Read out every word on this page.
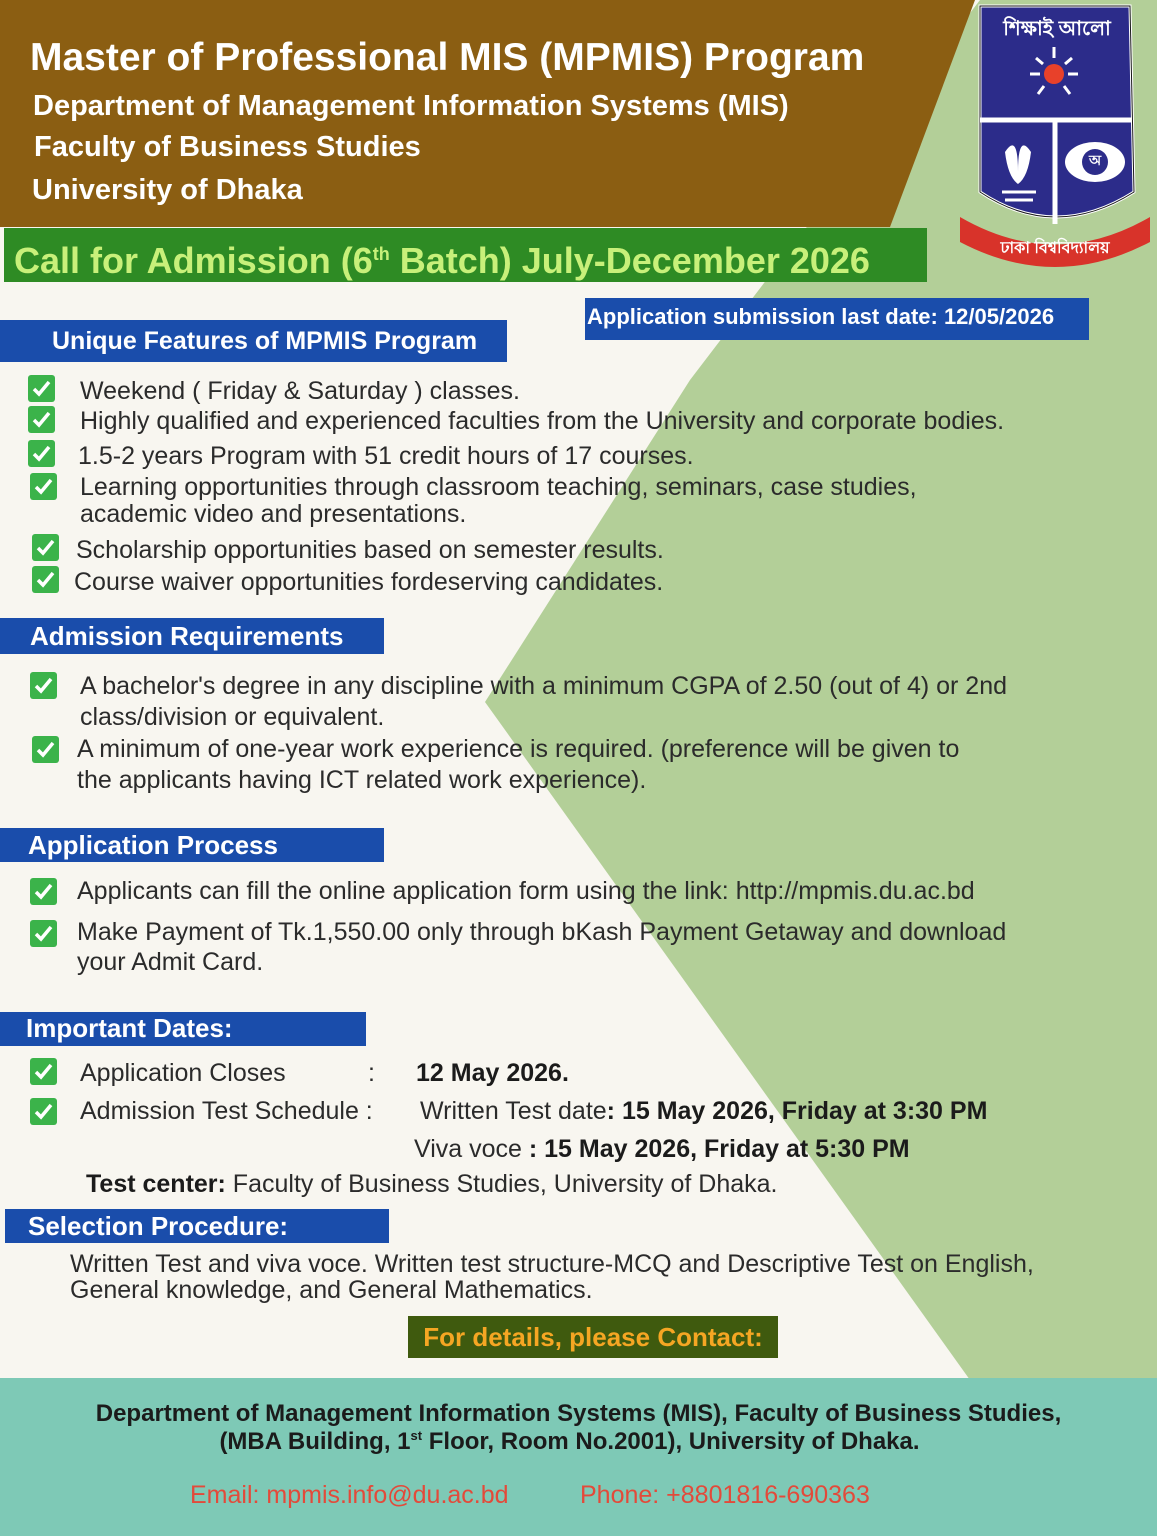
Master of Professional MIS (MPMIS) Program
Department of Management Information Systems (MIS)
Faculty of Business Studies
University of Dhaka
শিক্ষাই আলো
অ
ঢাকা বিশ্ববিদ্যালয়
Call for Admission (6th Batch) July-December 2026
Application submission last date: 12/05/2026
Unique Features of MPMIS Program
Weekend ( Friday & Saturday ) classes.
Highly qualified and experienced faculties from the University and corporate bodies.
1.5-2 years Program with 51 credit hours of 17 courses.
Learning opportunities through classroom teaching, seminars, case studies,
academic video and presentations.
Scholarship opportunities based on semester results.
Course waiver opportunities fordeserving candidates.
Admission Requirements
A bachelor's degree in any discipline with a minimum CGPA of 2.50 (out of 4) or 2nd
class/division or equivalent.
A minimum of one-year work experience is required. (preference will be given to
the applicants having ICT related work experience).
Application Process
Applicants can fill the online application form using the link: http://mpmis.du.ac.bd
Make Payment of Tk.1,550.00 only through bKash Payment Getaway and download
your Admit Card.
Important Dates:
Application Closes	: 12 May 2026.
Admission Test Schedule : Written Test date: 15 May 2026, Friday at 3:30 PM
Viva voce : 15 May 2026, Friday at 5:30 PM
Test center: Faculty of Business Studies, University of Dhaka.
Selection Procedure:
Written Test and viva voce. Written test structure-MCQ and Descriptive Test on English,
General knowledge, and General Mathematics.
For details, please Contact:
Department of Management Information Systems (MIS), Faculty of Business Studies,
(MBA Building, 1st Floor, Room No.2001), University of Dhaka.
Email: mpmis.info@du.ac.bd	Phone: +8801816-690363
